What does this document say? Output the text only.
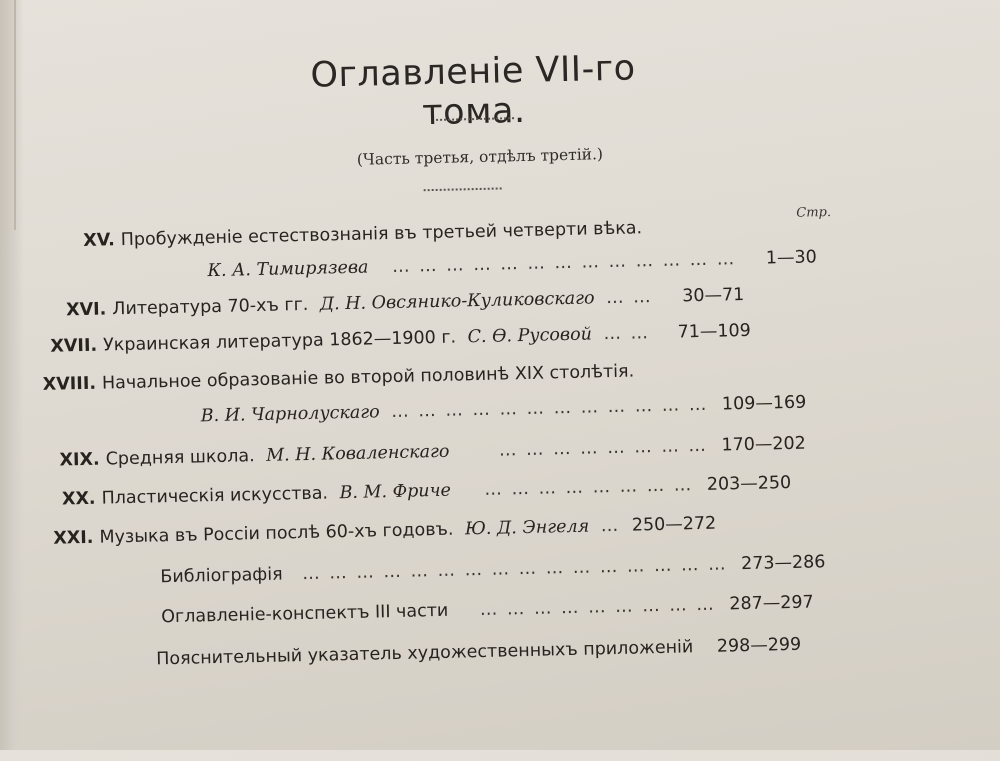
Оглавленіе VII-го тома.
(Часть третья, отдѣлъ третій.)
Стр.
XV. Пробужденіе естествознанія въ третьей четверти вѣка.
К. А. Тимирязева … … … … … … … … … … … … … 1—30
XVI. Литература 70-хъ гг. Д. Н. Овсянико-Куликовскаго … … 30—71
XVII. Украинская литература 1862—1900 г. С. Ѳ. Русовой … … 71—109
XVIII. Начальное образованіе во второй половинѣ XIX столѣтія.
В. И. Чарнолускаго … … … … … … … … … … … … 109—169
XIX. Средняя школа. М. Н. Коваленскаго	… … … … … … … … 170—202
XX. Пластическія искусства. В. М. Фриче … … … … … … … … 203—250
XXI. Музыка въ Россіи послѣ 60-хъ годовъ. Ю. Д. Энгеля … 250—272
Библіографія … … … … … … … … … … … … … … … … 273—286
Оглавленіе-конспектъ III части … … … … … … … … … 287—297
Пояснительный указатель художественныхъ приложеній 298—299
